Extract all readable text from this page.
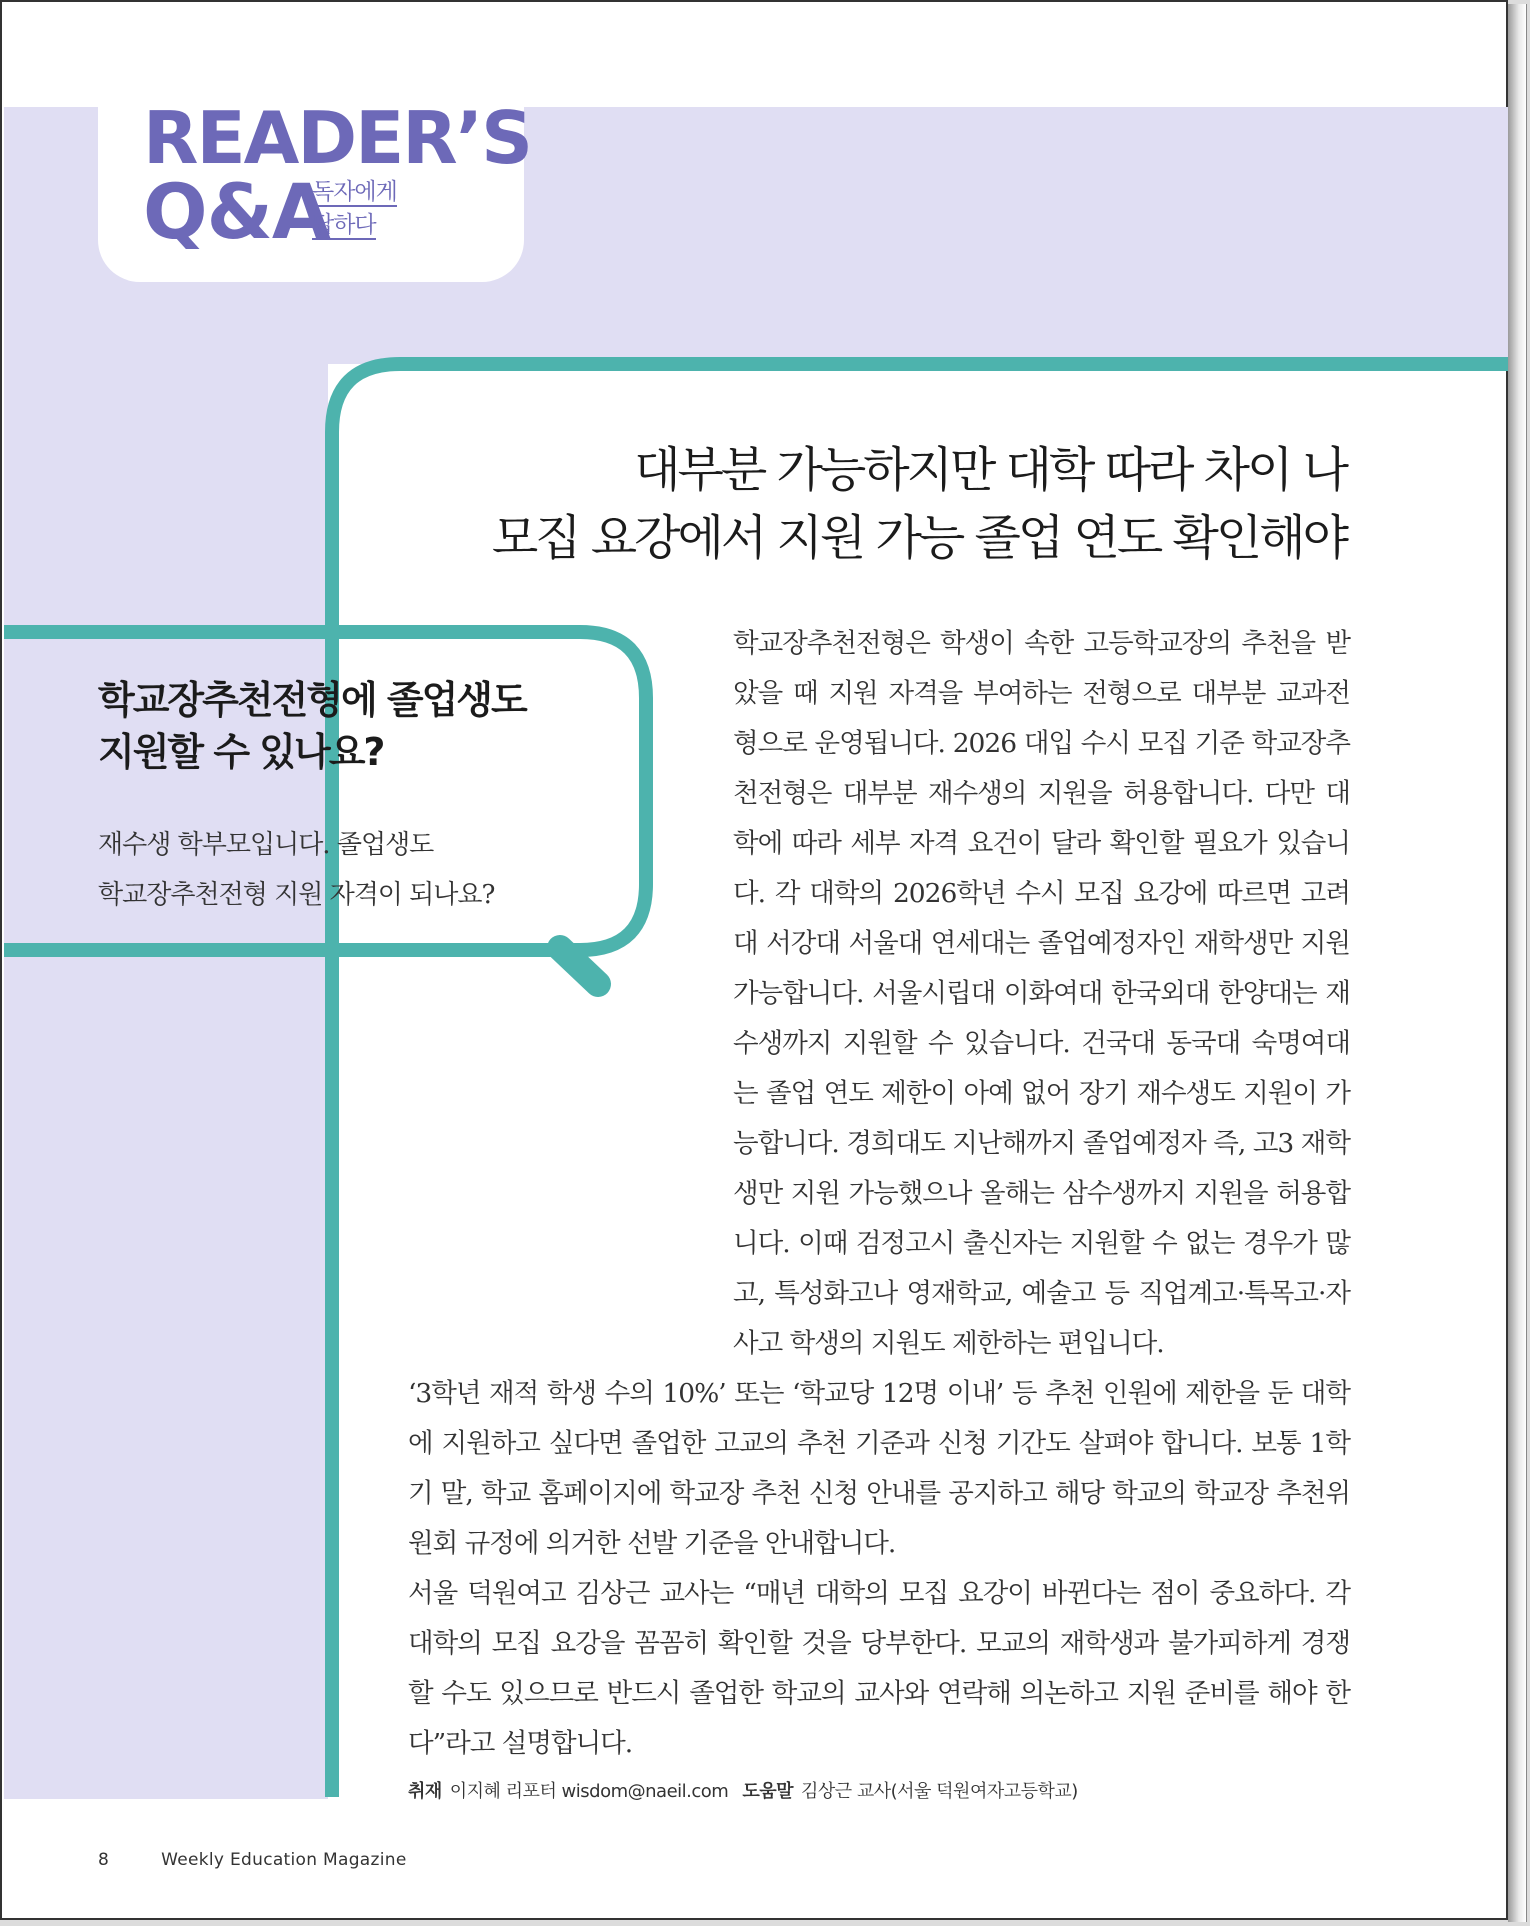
READER’S
Q&A
독자에게
답하다
대부분 가능하지만 대학 따라 차이 나
모집 요강에서 지원 가능 졸업 연도 확인해야
학교장추천전형에 졸업생도
지원할 수 있나요?

재수생 학부모입니다. 졸업생도
학교장추천전형 지원 자격이 되나요?

학교장추천전형은 학생이 속한 고등학교장의 추천을 받았을 때 지원 자격을 부여하는 전형으로 대부분 교과전형으로 운영됩니다. 2026 대입 수시 모집 기준 학교장추천전형은 대부분 재수생의 지원을 허용합니다. 다만 대학에 따라 세부 자격 요건이 달라 확인할 필요가 있습니다. 각 대학의 2026학년 수시 모집 요강에 따르면 고려대 서강대 서울대 연세대는 졸업예정자인 재학생만 지원 가능합니다. 서울시립대 이화여대 한국외대 한양대는 재수생까지 지원할 수 있습니다. 건국대 동국대 숙명여대는 졸업 연도 제한이 아예 없어 장기 재수생도 지원이 가능합니다. 경희대도 지난해까지 졸업예정자 즉, 고3 재학생만 지원 가능했으나 올해는 삼수생까지 지원을 허용합니다. 이때 검정고시 출신자는 지원할 수 없는 경우가 많고, 특성화고나 영재학교, 예술고 등 직업계고·특목고·자사고 학생의 지원도 제한하는 편입니다.

‘3학년 재적 학생 수의 10%’ 또는 ‘학교당 12명 이내’ 등 추천 인원에 제한을 둔 대학에 지원하고 싶다면 졸업한 고교의 추천 기준과 신청 기간도 살펴야 합니다. 보통 1학기 말, 학교 홈페이지에 학교장 추천 신청 안내를 공지하고 해당 학교의 학교장 추천위원회 규정에 의거한 선발 기준을 안내합니다.

서울 덕원여고 김상근 교사는 “매년 대학의 모집 요강이 바뀐다는 점이 중요하다. 각 대학의 모집 요강을 꼼꼼히 확인할 것을 당부한다. 모교의 재학생과 불가피하게 경쟁할 수도 있으므로 반드시 졸업한 학교의 교사와 연락해 의논하고 지원 준비를 해야 한다”라고 설명합니다.

취재 이지혜 리포터 wisdom@naeil.com 도움말 김상근 교사(서울 덕원여자고등학교)

8	Weekly Education Magazine
